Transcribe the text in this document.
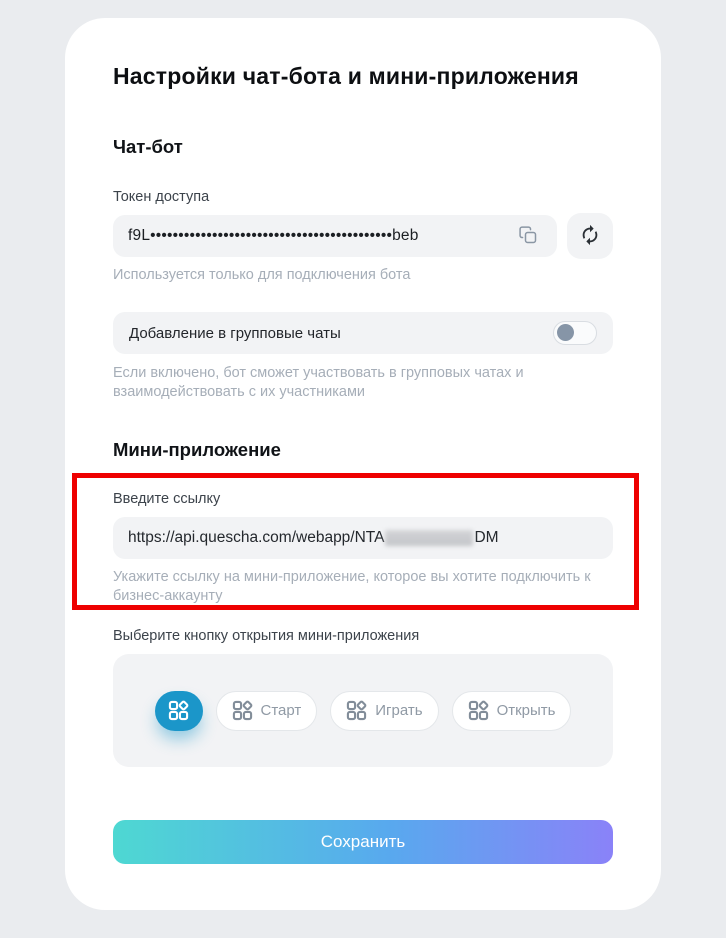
Настройки чат-бота и мини-приложения
Чат-бот
Токен доступа
f9L•••••••••••••••••••••••••••••••••••••••••••beb
Используется только для подключения бота
Добавление в групповые чаты
Если включено, бот сможет участвовать в групповых чатах и взаимодействовать с их участниками
Мини-приложение
Введите ссылку
https://api.quescha.com/webapp/NTA	DM
Укажите ссылку на мини-приложение, которое вы хотите подключить к бизнес-аккаунту
Выберите кнопку открытия мини-приложения
Старт	Играть	Открыть
Сохранить
